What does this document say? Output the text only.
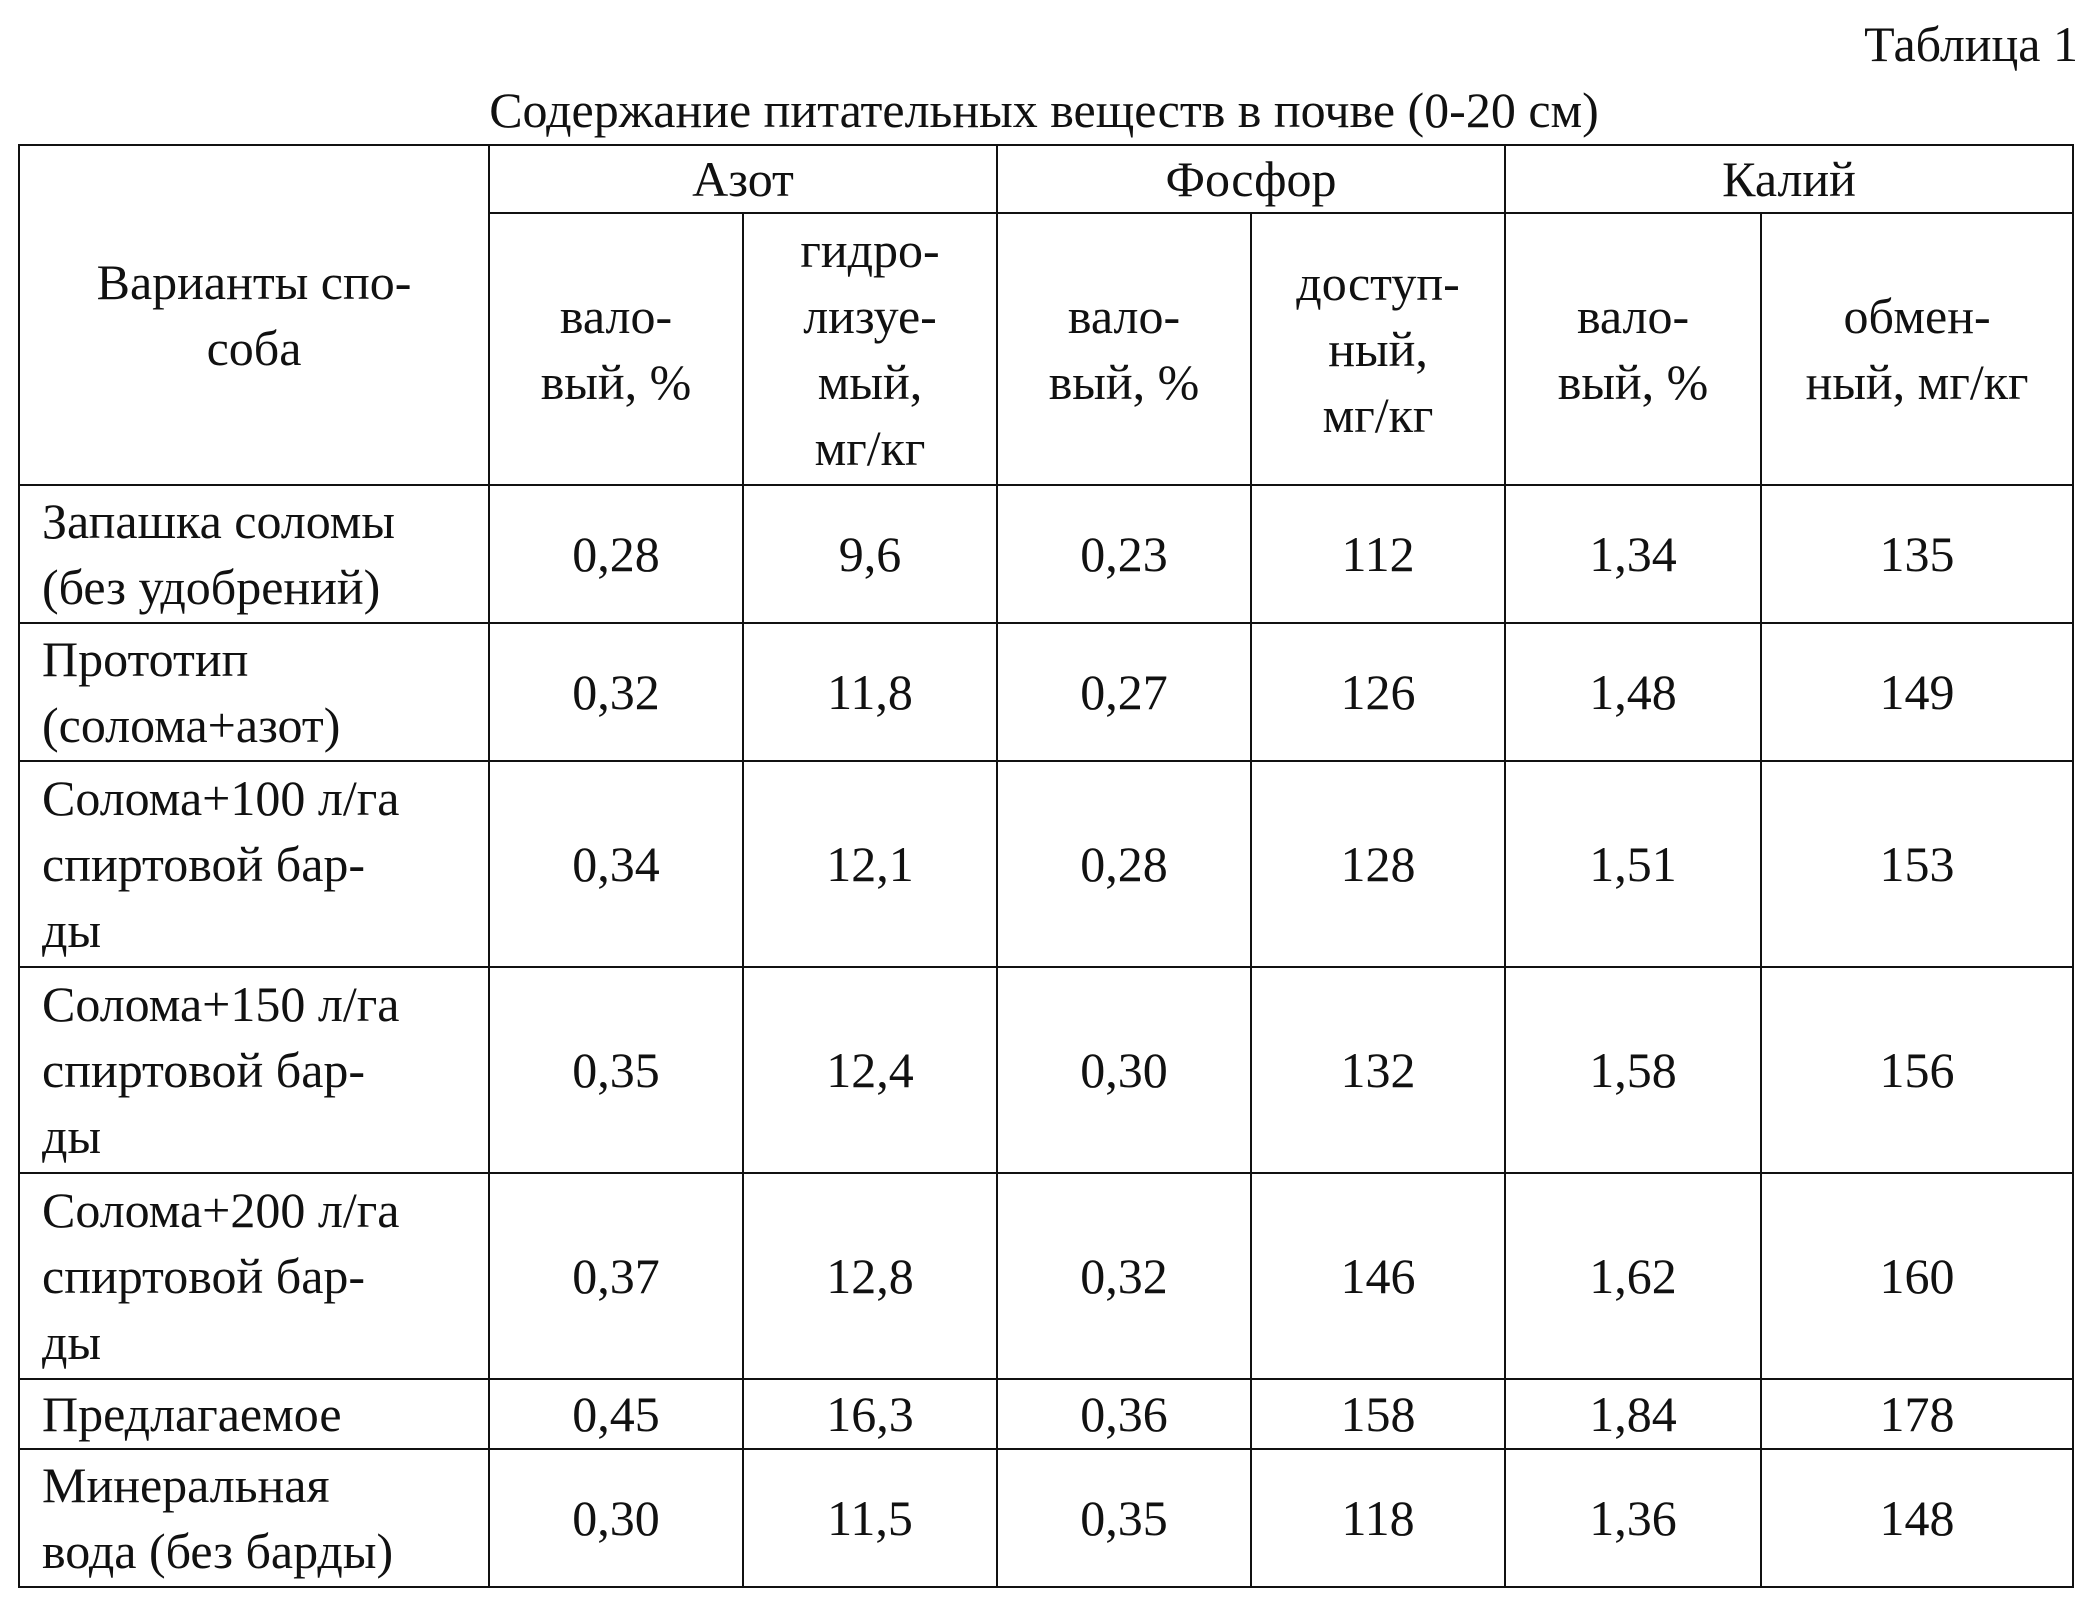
Таблица 1
Содержание питательных веществ в почве (0-20 см)
Варианты спо-
соба	Азот		Фосфор		Калий	
	вало-
вый, %	гидро-
лизуе-
мый,
мг/кг	вало-
вый, %	доступ-
ный,
мг/кг	вало-
вый, %	обмен-
ный, мг/кг
Запашка соломы
(без удобрений)	0,28	9,6	0,23	112	1,34	135
Прототип
(солома+азот)	0,32	11,8	0,27	126	1,48	149
Солома+100 л/га
спиртовой бар-
ды	0,34	12,1	0,28	128	1,51	153
Солома+150 л/га
спиртовой бар-
ды	0,35	12,4	0,30	132	1,58	156
Солома+200 л/га
спиртовой бар-
ды	0,37	12,8	0,32	146	1,62	160
Предлагаемое	0,45	16,3	0,36	158	1,84	178
Минеральная
вода (без барды)	0,30	11,5	0,35	118	1,36	148
